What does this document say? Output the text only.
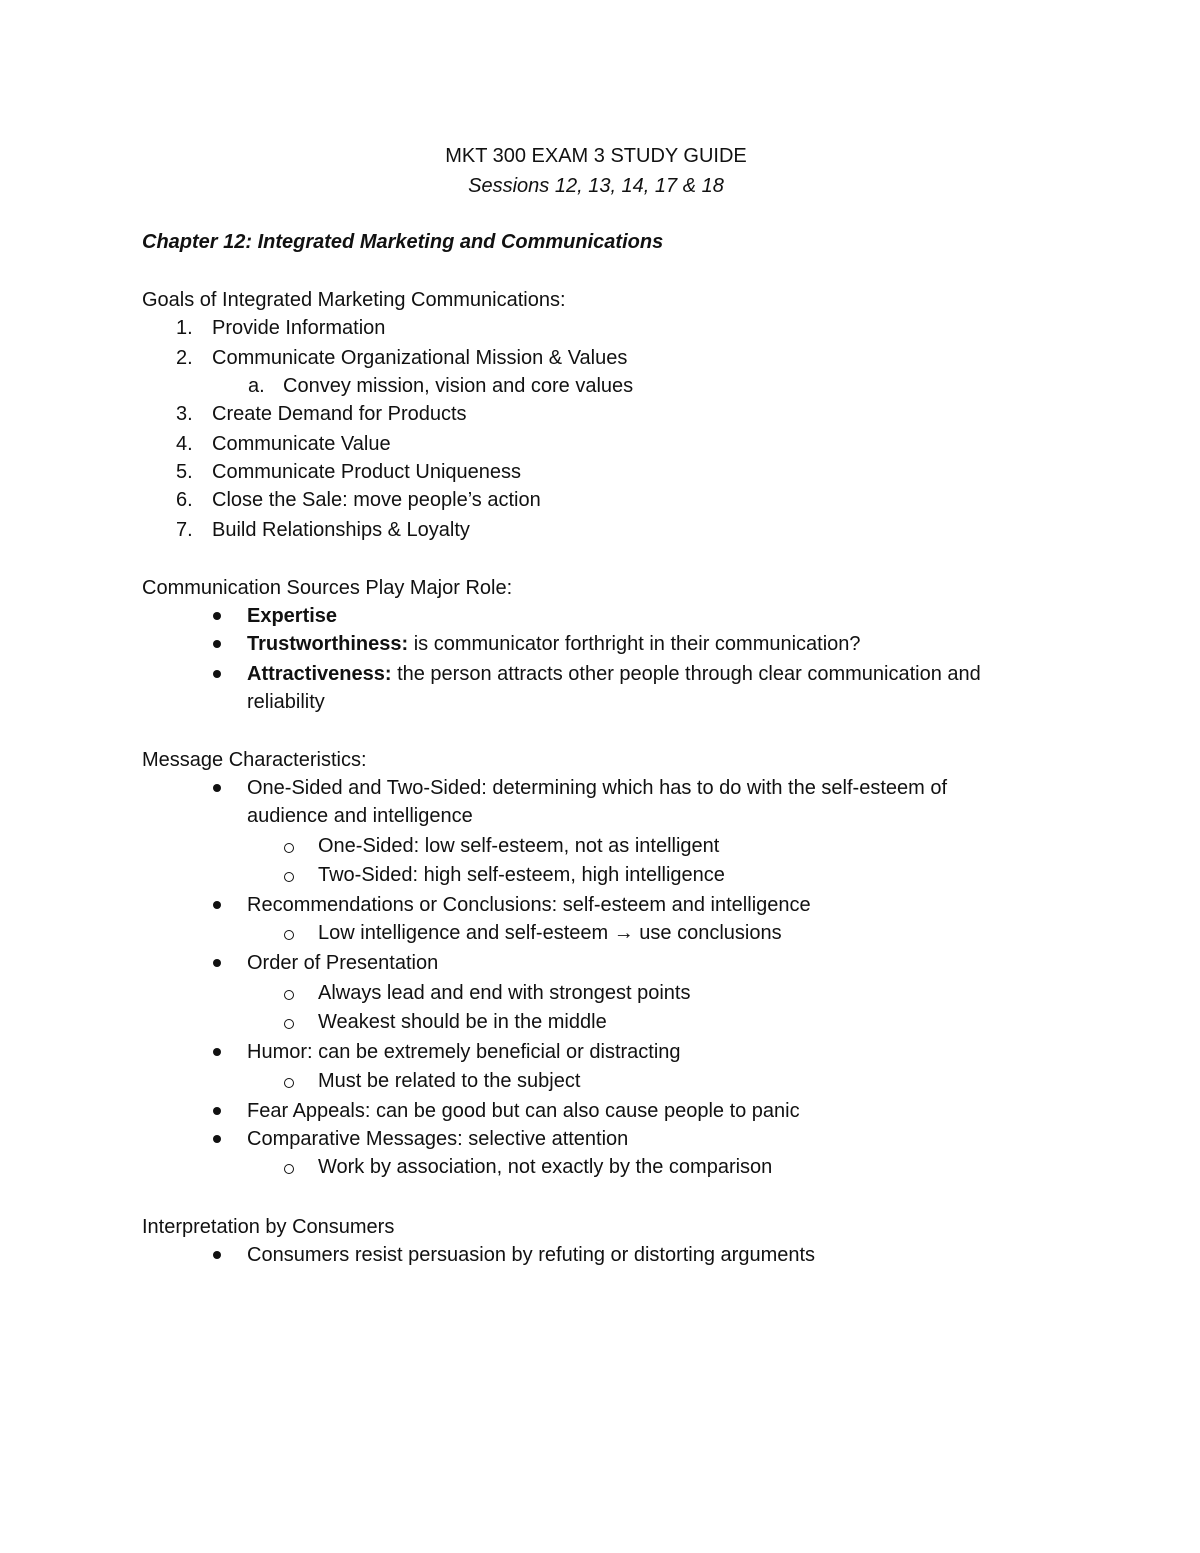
MKT 300 EXAM 3 STUDY GUIDE
Sessions 12, 13, 14, 17 & 18
Chapter 12: Integrated Marketing and Communications
Goals of Integrated Marketing Communications:
1. Provide Information
2. Communicate Organizational Mission & Values
a. Convey mission, vision and core values
3. Create Demand for Products
4. Communicate Value
5. Communicate Product Uniqueness
6. Close the Sale: move people’s action
7. Build Relationships & Loyalty
Communication Sources Play Major Role:
Expertise
Trustworthiness: is communicator forthright in their communication?
Attractiveness: the person attracts other people through clear communication and
reliability
Message Characteristics:
One-Sided and Two-Sided: determining which has to do with the self-esteem of
audience and intelligence
One-Sided: low self-esteem, not as intelligent
Two-Sided: high self-esteem, high intelligence
Recommendations or Conclusions: self-esteem and intelligence
Low intelligence and self-esteem → use conclusions
Order of Presentation
Always lead and end with strongest points
Weakest should be in the middle
Humor: can be extremely beneficial or distracting
Must be related to the subject
Fear Appeals: can be good but can also cause people to panic
Comparative Messages: selective attention
Work by association, not exactly by the comparison
Interpretation by Consumers
Consumers resist persuasion by refuting or distorting arguments
